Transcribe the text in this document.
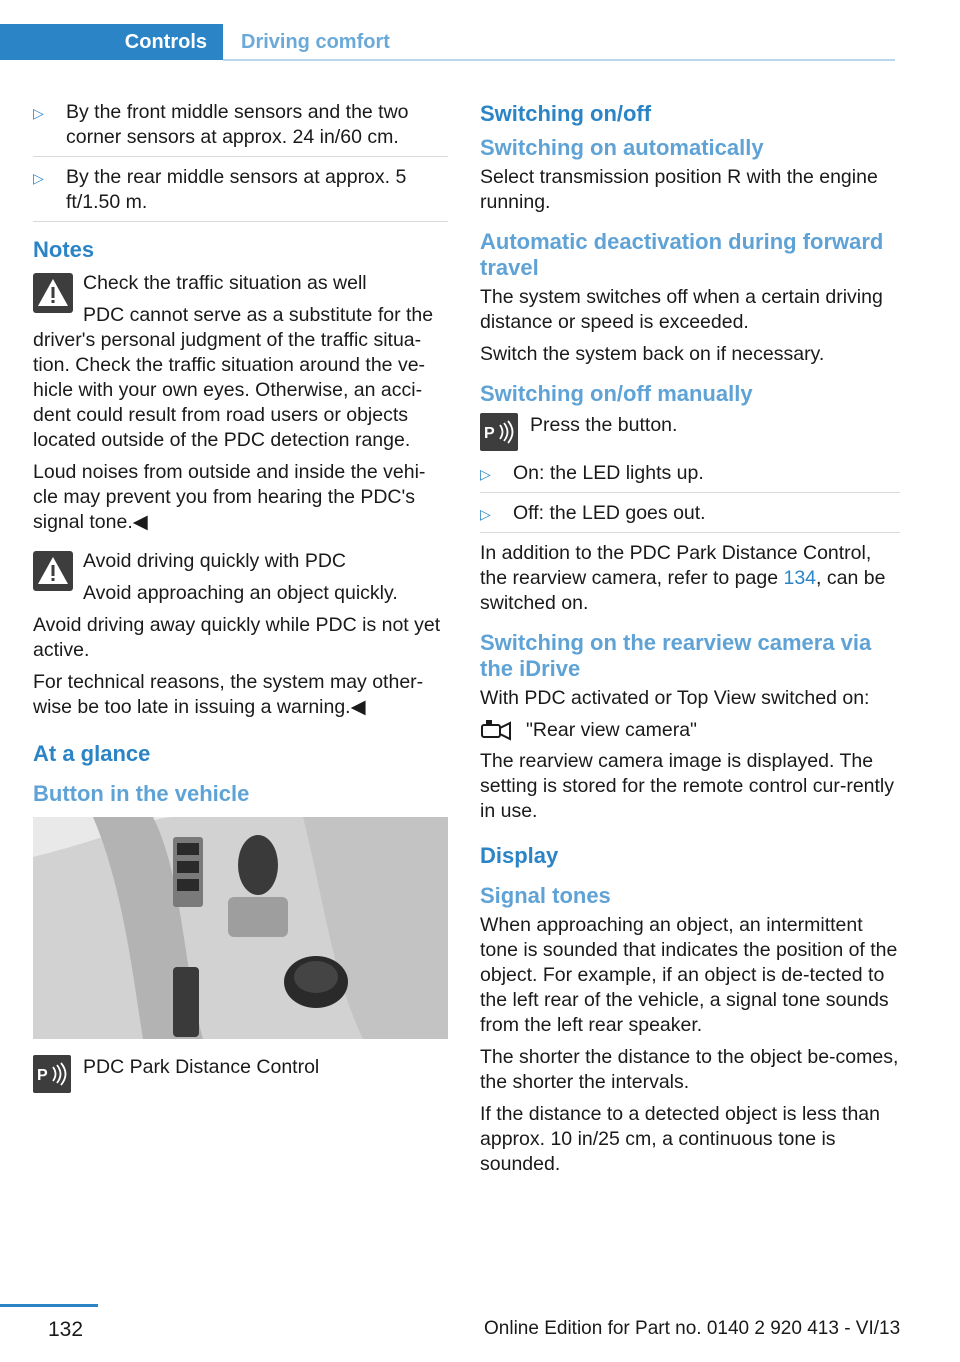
Controls	Driving comfort
▷ By the front middle sensors and the two corner sensors at approx. 24 in/60 cm.
▷ By the rear middle sensors at approx. 5 ft/1.50 m.
Notes

Check the traffic situation as well

PDC cannot serve as a substitute for the driver's personal judgment of the traffic situa-tion. Check the traffic situation around the ve-hicle with your own eyes. Otherwise, an acci-dent could result from road users or objects located outside of the PDC detection range.

Loud noises from outside and inside the vehi-cle may prevent you from hearing the PDC's signal tone.◀

Avoid driving quickly with PDC

Avoid approaching an object quickly.

Avoid driving away quickly while PDC is not yet active.

For technical reasons, the system may other-wise be too late in issuing a warning.◀

At a glance
Button in the vehicle
P PDC Park Distance Control
Switching on/off
Switching on automatically

Select transmission position R with the engine running.

Automatic deactivation during forward travel

The system switches off when a certain driving distance or speed is exceeded.

Switch the system back on if necessary.

Switching on/off manually
P Press the button.
▷ On: the LED lights up.
▷ Off: the LED goes out.

In addition to the PDC Park Distance Control, the rearview camera, refer to page 134, can be switched on.

Switching on the rearview camera via the iDrive

With PDC activated or Top View switched on:

"Rear view camera"

The rearview camera image is displayed. The setting is stored for the remote control cur-rently in use.

Display
Signal tones

When approaching an object, an intermittent tone is sounded that indicates the position of the object. For example, if an object is de-tected to the left rear of the vehicle, a signal tone sounds from the left rear speaker.

The shorter the distance to the object be-comes, the shorter the intervals.

If the distance to a detected object is less than approx. 10 in/25 cm, a continuous tone is sounded.

132	Online Edition for Part no. 0140 2 920 413 - VI/13
